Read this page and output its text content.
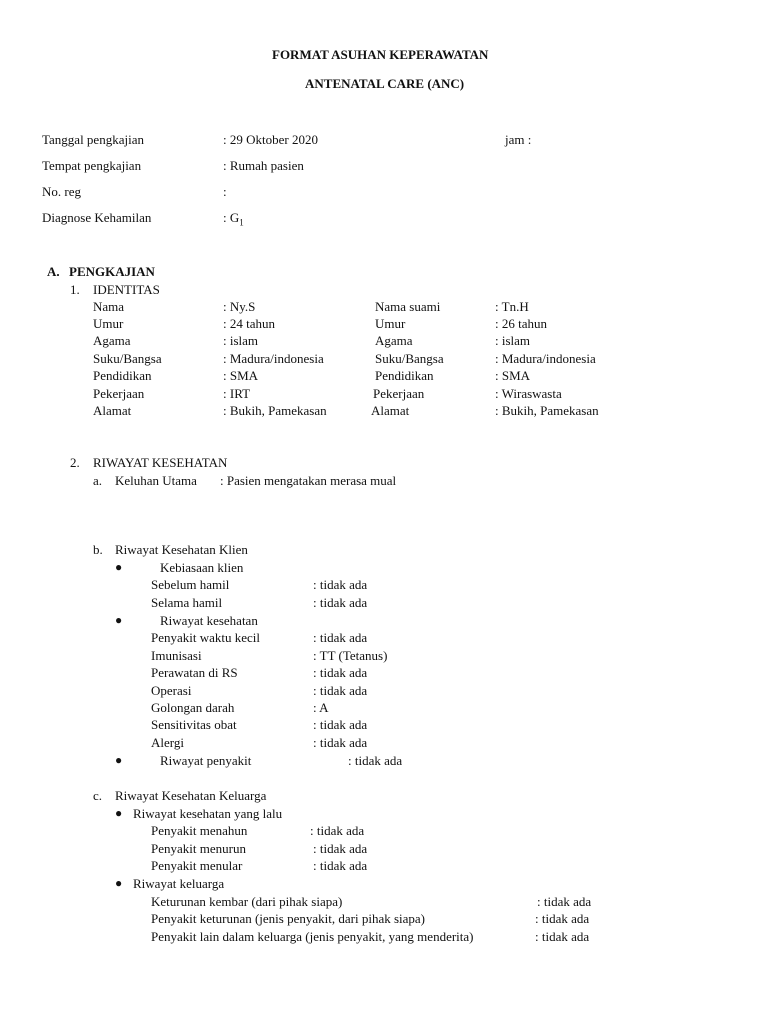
FORMAT ASUHAN KEPERAWATAN
ANTENATAL CARE (ANC)
Tanggal pengkajian	: 29 Oktober 2020	jam :
Tempat pengkajian	: Rumah pasien
No. reg	:
Diagnose Kehamilan	: $G_1$
A. PENGKAJIAN
1. IDENTITAS
Nama	: Ny.S	Nama suami	: Tn.H
Umur	: 24 tahun	Umur	: 26 tahun
Agama	: islam	Agama	: islam
Suku/Bangsa	: Madura/indonesia	Suku/Bangsa	: Madura/indonesia
Pendidikan	: SMA	Pendidikan	: SMA
Pekerjaan	: IRT	Pekerjaan	: Wiraswasta
Alamat	: Bukih, Pamekasan	Alamat	: Bukih, Pamekasan
2. RIWAYAT KESEHATAN
a. Keluhan Utama : Pasien mengatakan merasa mual
b. Riwayat Kesehatan Klien
●	Kebiasaan klien
Sebelum hamil	: tidak ada
Selama hamil	: tidak ada
●	Riwayat kesehatan
Penyakit waktu kecil	: tidak ada
Imunisasi	: TT (Tetanus)
Perawatan di RS	: tidak ada
Operasi	: tidak ada
Golongan darah	: A
Sensitivitas obat	: tidak ada
Alergi	: tidak ada
●	Riwayat penyakit	: tidak ada
c. Riwayat Kesehatan Keluarga
● Riwayat kesehatan yang lalu
Penyakit menahun	: tidak ada
Penyakit menurun	: tidak ada
Penyakit menular	: tidak ada
● Riwayat keluarga
Keturunan kembar (dari pihak siapa)	: tidak ada
Penyakit keturunan (jenis penyakit, dari pihak siapa)	: tidak ada
Penyakit lain dalam keluarga (jenis penyakit, yang menderita)	: tidak ada
